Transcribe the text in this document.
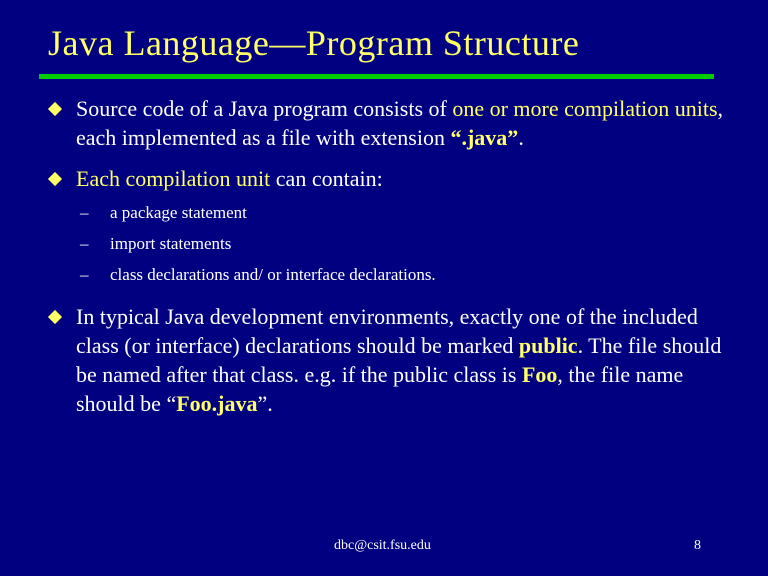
Java Language—Program Structure
Source code of a Java program consists of one or more compilation units, each implemented as a file with extension “.java”.
Each compilation unit can contain:
– a package statement
– import statements
– class declarations and/ or interface declarations.
In typical Java development environments, exactly one of the included class (or interface) declarations should be marked public. The file should be named after that class. e.g. if the public class is Foo, the file name should be “Foo.java”.
dbc@csit.fsu.edu	8
